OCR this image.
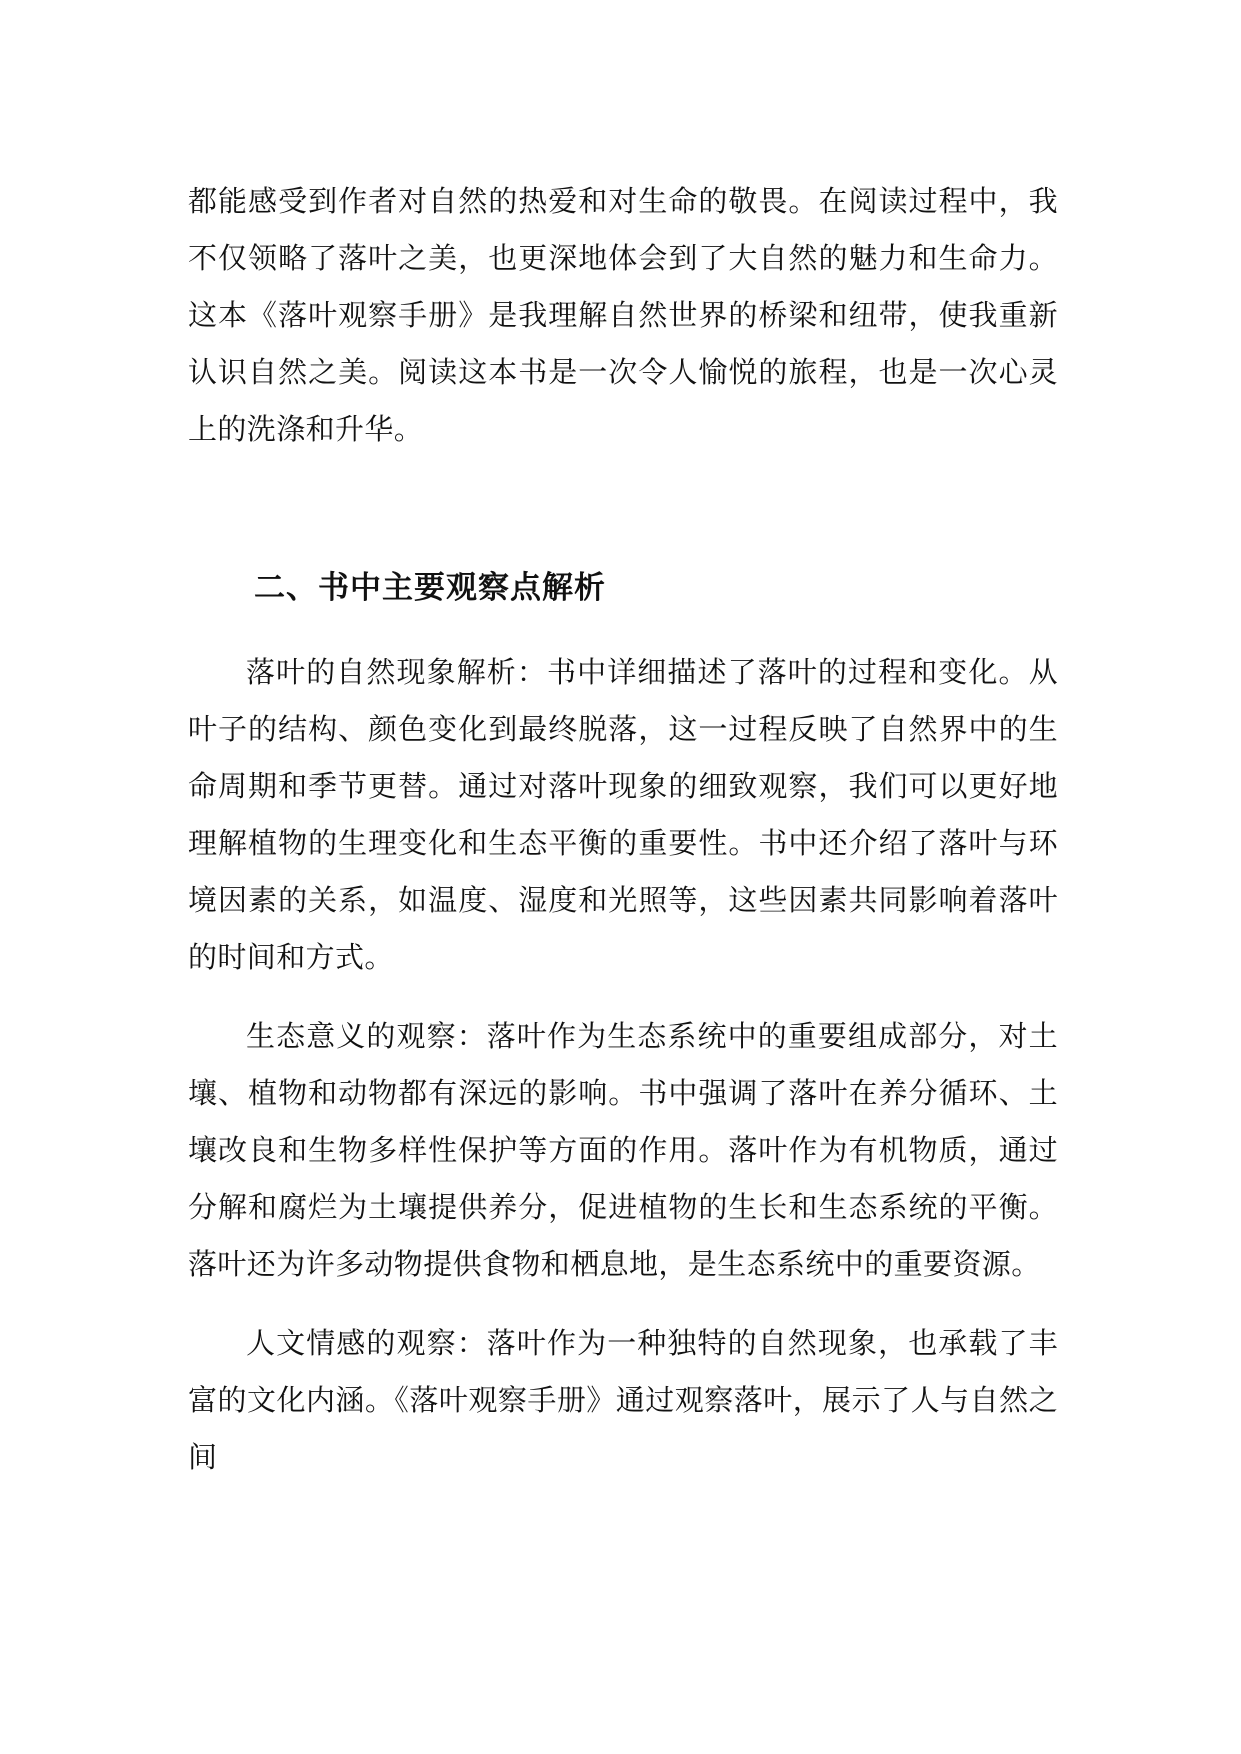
都能感受到作者对自然的热爱和对生命的敬畏。在阅读过程中，我不仅领略了落叶之美，也更深地体会到了大自然的魅力和生命力。这本《落叶观察手册》是我理解自然世界的桥梁和纽带，使我重新认识自然之美。阅读这本书是一次令人愉悦的旅程，也是一次心灵上的洗涤和升华。

二、书中主要观察点解析

落叶的自然现象解析：书中详细描述了落叶的过程和变化。从叶子的结构、颜色变化到最终脱落，这一过程反映了自然界中的生命周期和季节更替。通过对落叶现象的细致观察，我们可以更好地理解植物的生理变化和生态平衡的重要性。书中还介绍了落叶与环境因素的关系，如温度、湿度和光照等，这些因素共同影响着落叶的时间和方式。

生态意义的观察：落叶作为生态系统中的重要组成部分，对土壤、植物和动物都有深远的影响。书中强调了落叶在养分循环、土壤改良和生物多样性保护等方面的作用。落叶作为有机物质，通过分解和腐烂为土壤提供养分，促进植物的生长和生态系统的平衡。落叶还为许多动物提供食物和栖息地，是生态系统中的重要资源。

人文情感的观察：落叶作为一种独特的自然现象，也承载了丰富的文化内涵。《落叶观察手册》通过观察落叶，展示了人与自然之间
